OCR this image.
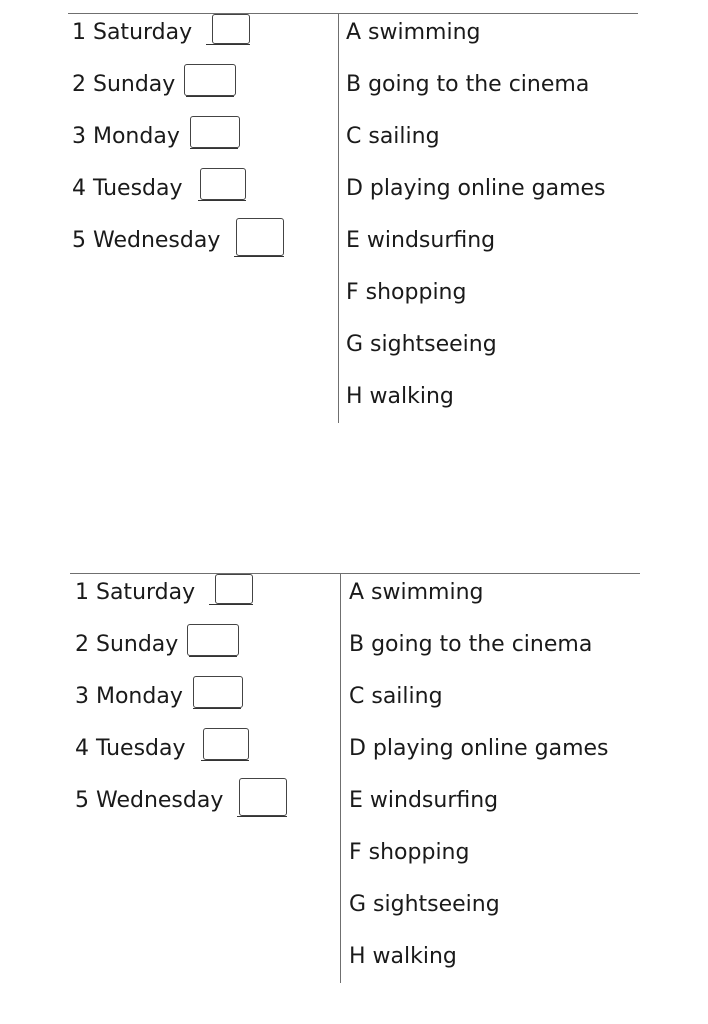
1 Saturday
2 Sunday
3 Monday
4 Tuesday
5 Wednesday
A swimming
B going to the cinema
C sailing
D playing online games
E windsurfing
F shopping
G sightseeing
H walking
1 Saturday
2 Sunday
3 Monday
4 Tuesday
5 Wednesday
A swimming
B going to the cinema
C sailing
D playing online games
E windsurfing
F shopping
G sightseeing
H walking
